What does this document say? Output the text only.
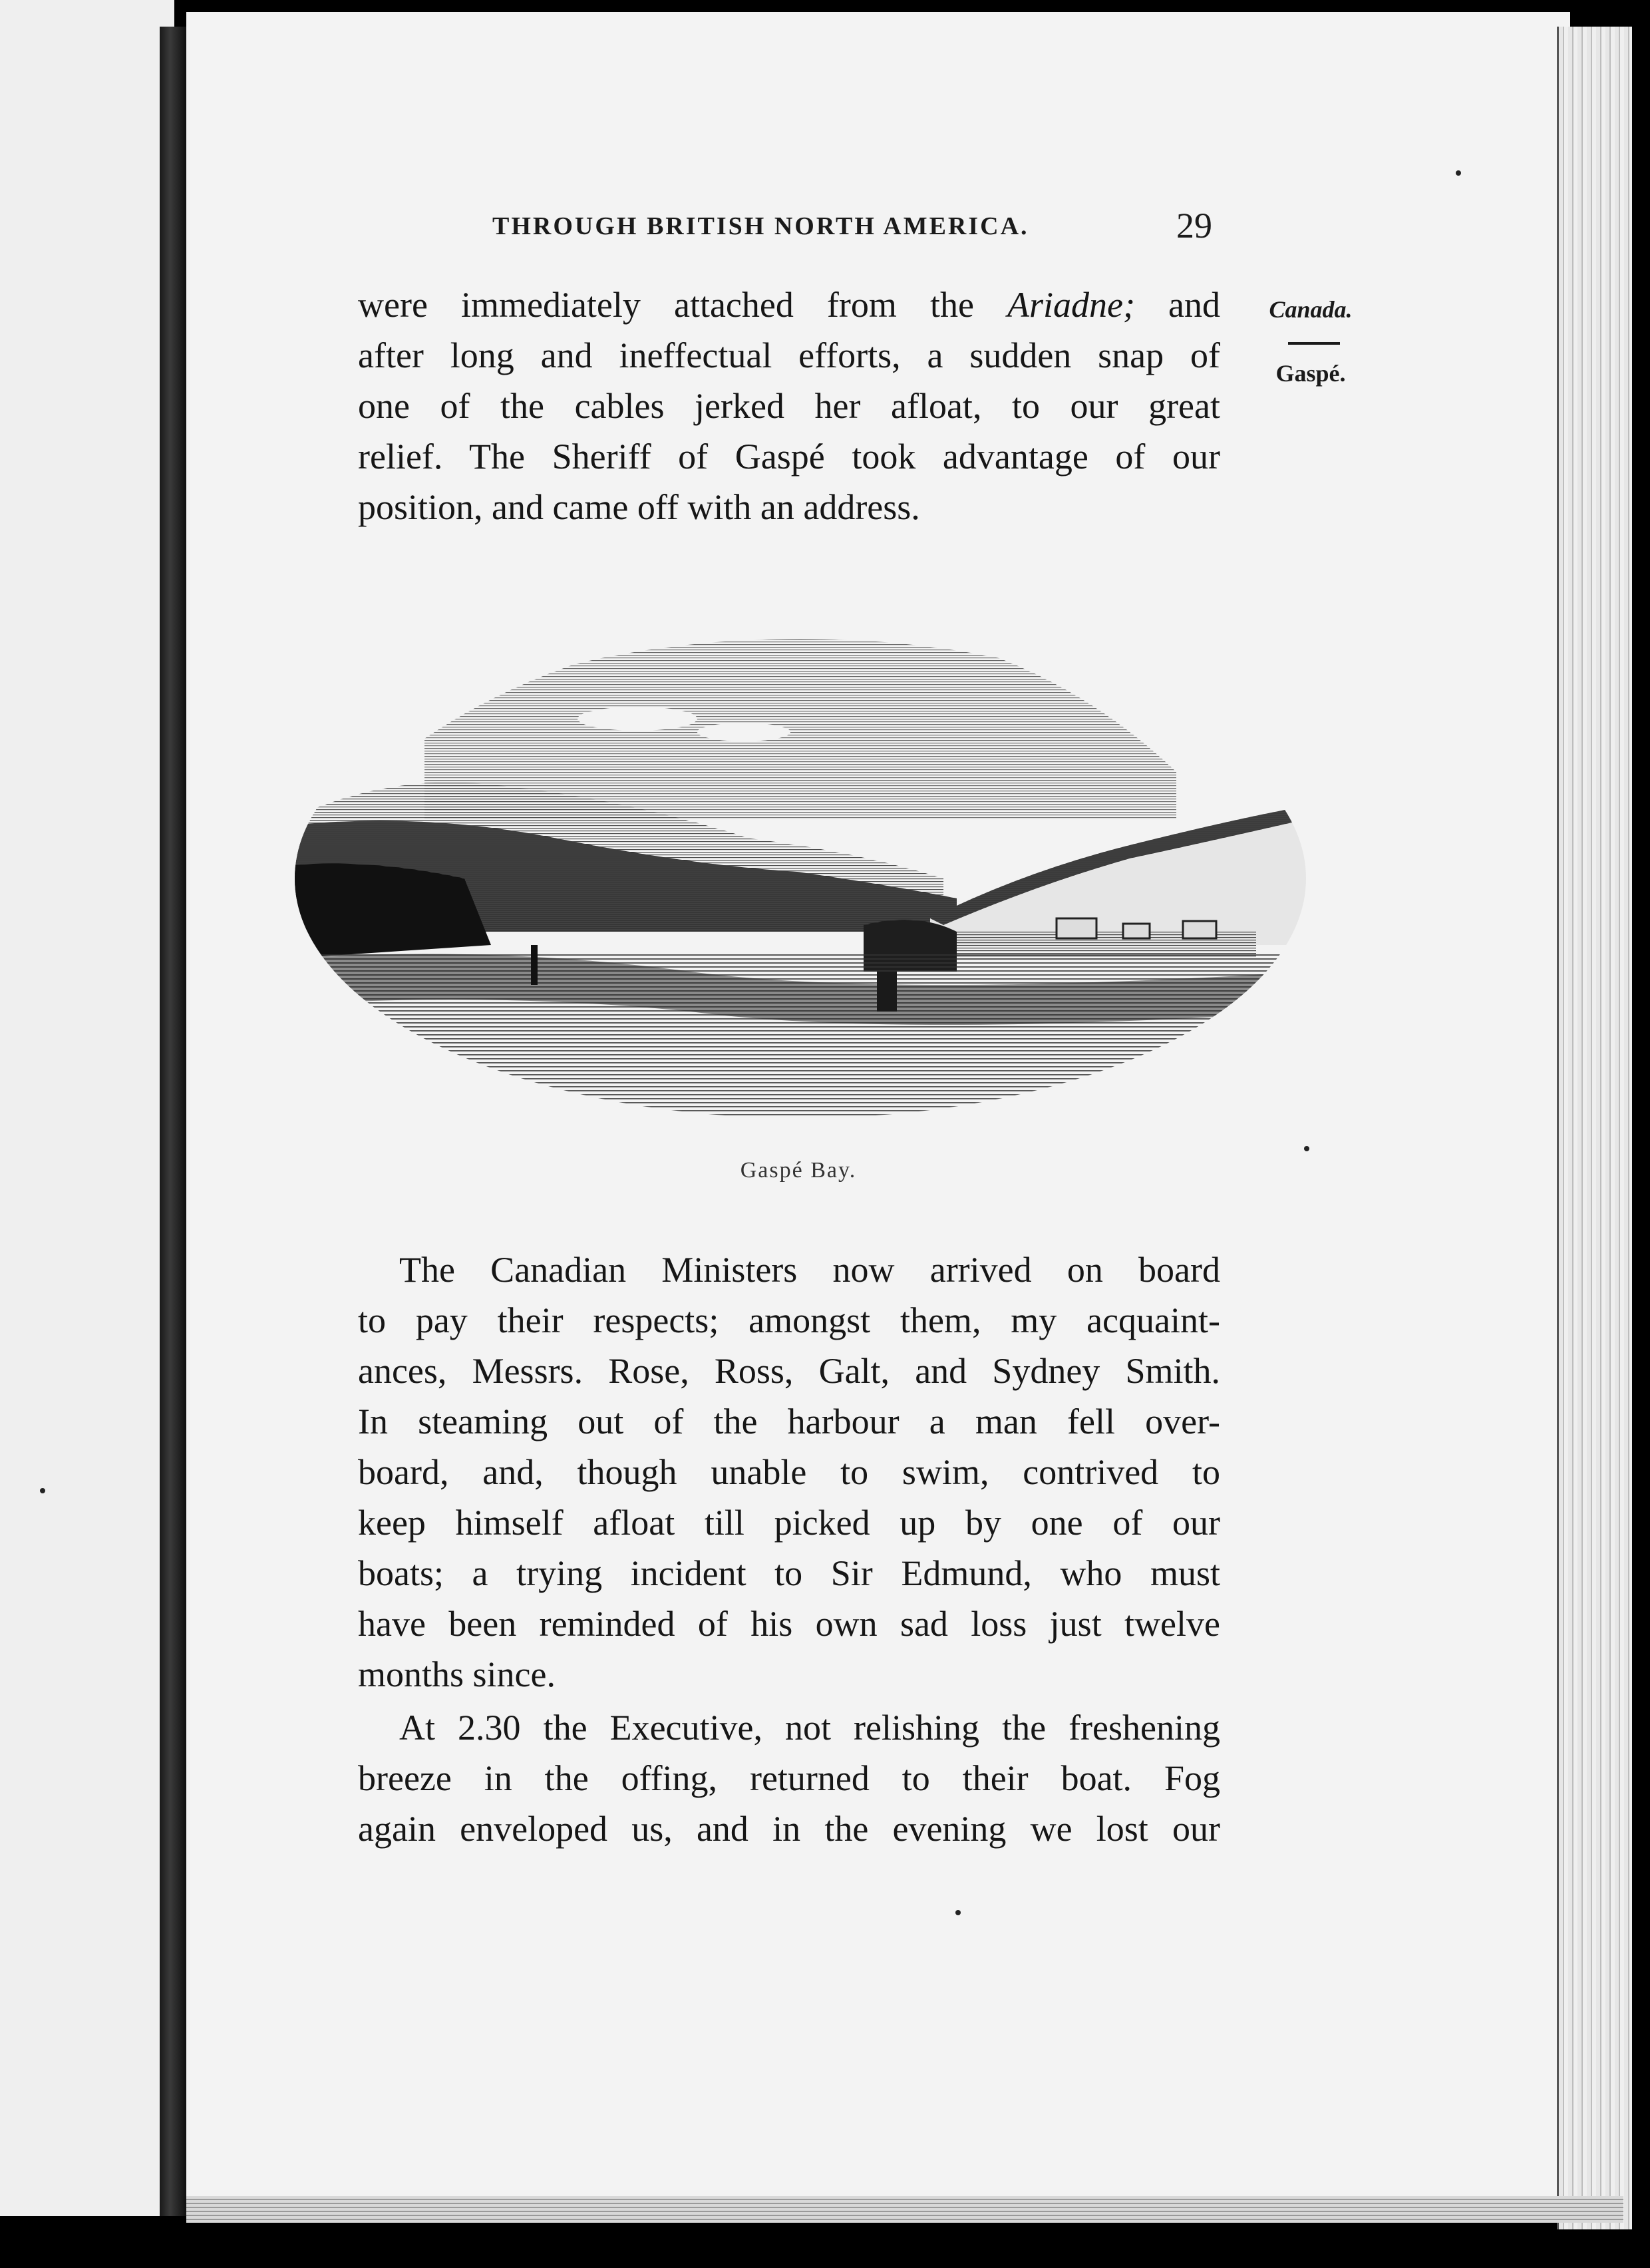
THROUGH BRITISH NORTH AMERICA.	29
Canada.
Gaspé.
were immediately attached from the Ariadne; and
after long and ineffectual efforts, a sudden snap of
one of the cables jerked her afloat, to our great
relief. The Sheriff of Gaspé took advantage of our
position, and came off with an address.
Gaspé Bay.
The Canadian Ministers now arrived on board
to pay their respects; amongst them, my acquaint-
ances, Messrs. Rose, Ross, Galt, and Sydney Smith.
In steaming out of the harbour a man fell over-
board, and, though unable to swim, contrived to
keep himself afloat till picked up by one of our
boats; a trying incident to Sir Edmund, who must
have been reminded of his own sad loss just twelve
months since.
At 2.30 the Executive, not relishing the freshening
breeze in the offing, returned to their boat. Fog
again enveloped us, and in the evening we lost our
